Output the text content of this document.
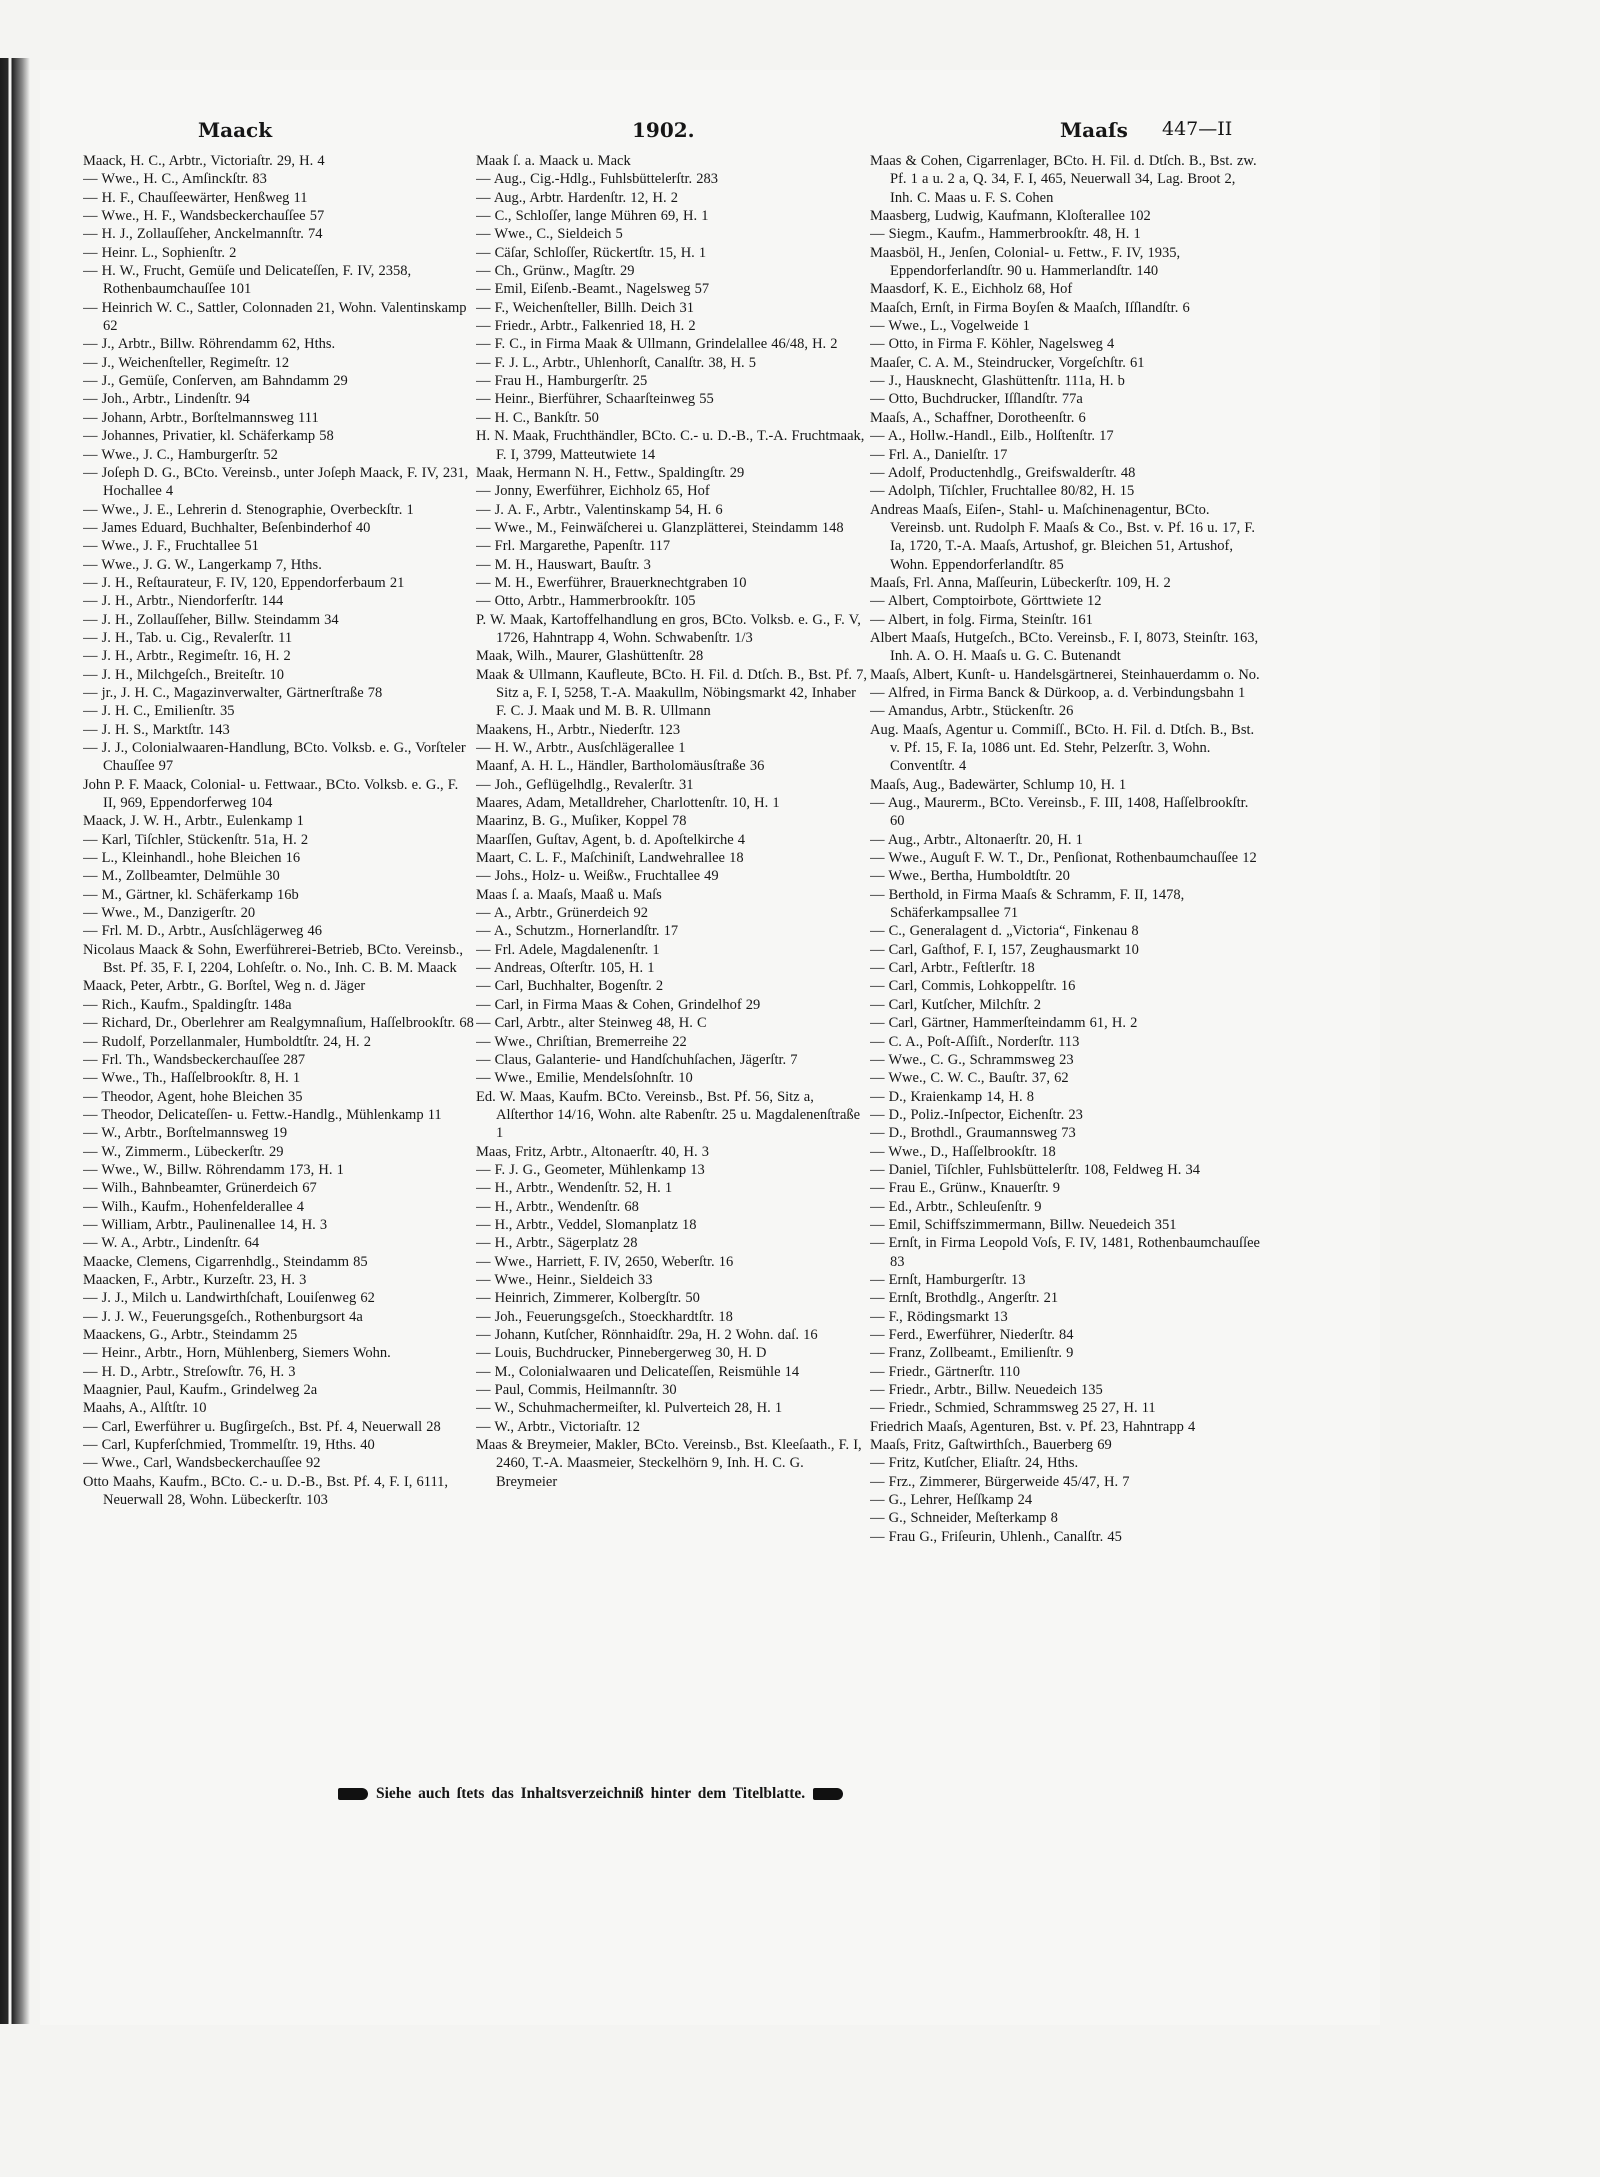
Maack	1902.	Maaſs 447—II
Maack, H. C., Arbtr., Victoriaſtr. 29, H. 4
— Wwe., H. C., Amſinckſtr. 83
— H. F., Chauſſeewärter, Henßweg 11
— Wwe., H. F., Wandsbeckerchauſſee 57
— H. J., Zollauſſeher, Anckelmannſtr. 74
— Heinr. L., Sophienſtr. 2
— H. W., Frucht, Gemüſe und Delicateſſen, F. IV, 2358, Rothenbaumchauſſee 101
— Heinrich W. C., Sattler, Colonnaden 21, Wohn. Valentinskamp 62
— J., Arbtr., Billw. Röhrendamm 62, Hths.
— J., Weichenſteller, Regimeſtr. 12
— J., Gemüſe, Conſerven, am Bahndamm 29
— Joh., Arbtr., Lindenſtr. 94
— Johann, Arbtr., Borſtelmannsweg 111
— Johannes, Privatier, kl. Schäferkamp 58
— Wwe., J. C., Hamburgerſtr. 52
— Joſeph D. G., BCto. Vereinsb., unter Joſeph Maack, F. IV, 231, Hochallee 4
— Wwe., J. E., Lehrerin d. Stenographie, Overbeckſtr. 1
— James Eduard, Buchhalter, Beſenbinderhof 40
— Wwe., J. F., Fruchtallee 51
— Wwe., J. G. W., Langerkamp 7, Hths.
— J. H., Reſtaurateur, F. IV, 120, Eppendorferbaum 21
— J. H., Arbtr., Niendorferſtr. 144
— J. H., Zollauſſeher, Billw. Steindamm 34
— J. H., Tab. u. Cig., Revalerſtr. 11
— J. H., Arbtr., Regimeſtr. 16, H. 2
— J. H., Milchgeſch., Breiteſtr. 10
— jr., J. H. C., Magazinverwalter, Gärtnerſtraße 78
— J. H. C., Emilienſtr. 35
— J. H. S., Marktſtr. 143
— J. J., Colonialwaaren-Handlung, BCto. Volksb. e. G., Vorſteler Chauſſee 97
John P. F. Maack, Colonial- u. Fettwaar., BCto. Volksb. e. G., F. II, 969, Eppendorferweg 104
Maack, J. W. H., Arbtr., Eulenkamp 1
— Karl, Tiſchler, Stückenſtr. 51a, H. 2
— L., Kleinhandl., hohe Bleichen 16
— M., Zollbeamter, Delmühle 30
— M., Gärtner, kl. Schäferkamp 16b
— Wwe., M., Danzigerſtr. 20
— Frl. M. D., Arbtr., Ausſchlägerweg 46
Nicolaus Maack & Sohn, Ewerführerei-Betrieb, BCto. Vereinsb., Bst. Pf. 35, F. I, 2204, Lohſeſtr. o. No., Inh. C. B. M. Maack
Maack, Peter, Arbtr., G. Borſtel, Weg n. d. Jäger
— Rich., Kaufm., Spaldingſtr. 148a
— Richard, Dr., Oberlehrer am Realgymnaſium, Haſſelbrookſtr. 68
— Rudolf, Porzellanmaler, Humboldtſtr. 24, H. 2
— Frl. Th., Wandsbeckerchauſſee 287
— Wwe., Th., Haſſelbrookſtr. 8, H. 1
— Theodor, Agent, hohe Bleichen 35
— Theodor, Delicateſſen- u. Fettw.-Handlg., Mühlenkamp 11
— W., Arbtr., Borſtelmannsweg 19
— W., Zimmerm., Lübeckerſtr. 29
— Wwe., W., Billw. Röhrendamm 173, H. 1
— Wilh., Bahnbeamter, Grünerdeich 67
— Wilh., Kaufm., Hohenfelderallee 4
— William, Arbtr., Paulinenallee 14, H. 3
— W. A., Arbtr., Lindenſtr. 64
Maacke, Clemens, Cigarrenhdlg., Steindamm 85
Maacken, F., Arbtr., Kurzeſtr. 23, H. 3
— J. J., Milch u. Landwirthſchaft, Louiſenweg 62
— J. J. W., Feuerungsgeſch., Rothenburgsort 4a
Maackens, G., Arbtr., Steindamm 25
— Heinr., Arbtr., Horn, Mühlenberg, Siemers Wohn.
— H. D., Arbtr., Streſowſtr. 76, H. 3
Maagnier, Paul, Kaufm., Grindelweg 2a
Maahs, A., Alſtſtr. 10
— Carl, Ewerführer u. Bugſirgeſch., Bst. Pf. 4, Neuerwall 28
— Carl, Kupferſchmied, Trommelſtr. 19, Hths. 40
— Wwe., Carl, Wandsbeckerchauſſee 92
Otto Maahs, Kaufm., BCto. C.- u. D.-B., Bst. Pf. 4, F. I, 6111, Neuerwall 28, Wohn. Lübeckerſtr. 103
Maak ſ. a. Maack u. Mack
— Aug., Cig.-Hdlg., Fuhlsbüttelerſtr. 283
— Aug., Arbtr. Hardenſtr. 12, H. 2
— C., Schloſſer, lange Mühren 69, H. 1
— Wwe., C., Sieldeich 5
— Cäſar, Schloſſer, Rückertſtr. 15, H. 1
— Ch., Grünw., Magſtr. 29
— Emil, Eiſenb.-Beamt., Nagelsweg 57
— F., Weichenſteller, Billh. Deich 31
— Friedr., Arbtr., Falkenried 18, H. 2
— F. C., in Firma Maak & Ullmann, Grindelallee 46/48, H. 2
— F. J. L., Arbtr., Uhlenhorſt, Canalſtr. 38, H. 5
— Frau H., Hamburgerſtr. 25
— Heinr., Bierführer, Schaarſteinweg 55
— H. C., Bankſtr. 50
H. N. Maak, Fruchthändler, BCto. C.- u. D.-B., T.-A. Fruchtmaak, F. I, 3799, Matteutwiete 14
Maak, Hermann N. H., Fettw., Spaldingſtr. 29
— Jonny, Ewerführer, Eichholz 65, Hof
— J. A. F., Arbtr., Valentinskamp 54, H. 6
— Wwe., M., Feinwäſcherei u. Glanzplätterei, Steindamm 148
— Frl. Margarethe, Papenſtr. 117
— M. H., Hauswart, Bauſtr. 3
— M. H., Ewerführer, Brauerknechtgraben 10
— Otto, Arbtr., Hammerbrookſtr. 105
P. W. Maak, Kartoffelhandlung en gros, BCto. Volksb. e. G., F. V, 1726, Hahntrapp 4, Wohn. Schwabenſtr. 1/3
Maak, Wilh., Maurer, Glashüttenſtr. 28
Maak & Ullmann, Kaufleute, BCto. H. Fil. d. Dtſch. B., Bst. Pf. 7, Sitz a, F. I, 5258, T.-A. Maakullm, Nöbingsmarkt 42, Inhaber F. C. J. Maak und M. B. R. Ullmann
Maakens, H., Arbtr., Niederſtr. 123
— H. W., Arbtr., Ausſchlägerallee 1
Maanf, A. H. L., Händler, Bartholomäusſtraße 36
— Joh., Geflügelhdlg., Revalerſtr. 31
Maares, Adam, Metalldreher, Charlottenſtr. 10, H. 1
Maarinz, B. G., Muſiker, Koppel 78
Maarſſen, Guſtav, Agent, b. d. Apoſtelkirche 4
Maart, C. L. F., Maſchiniſt, Landwehrallee 18
— Johs., Holz- u. Weißw., Fruchtallee 49
Maas ſ. a. Maaſs, Maaß u. Maſs
— A., Arbtr., Grünerdeich 92
— A., Schutzm., Hornerlandſtr. 17
— Frl. Adele, Magdalenenſtr. 1
— Andreas, Oſterſtr. 105, H. 1
— Carl, Buchhalter, Bogenſtr. 2
— Carl, in Firma Maas & Cohen, Grindelhof 29
— Carl, Arbtr., alter Steinweg 48, H. C
— Wwe., Chriſtian, Bremerreihe 22
— Claus, Galanterie- und Handſchuhſachen, Jägerſtr. 7
— Wwe., Emilie, Mendelsſohnſtr. 10
Ed. W. Maas, Kaufm. BCto. Vereinsb., Bst. Pf. 56, Sitz a, Alſterthor 14/16, Wohn. alte Rabenſtr. 25 u. Magdalenenſtraße 1
Maas, Fritz, Arbtr., Altonaerſtr. 40, H. 3
— F. J. G., Geometer, Mühlenkamp 13
— H., Arbtr., Wendenſtr. 52, H. 1
— H., Arbtr., Wendenſtr. 68
— H., Arbtr., Veddel, Slomanplatz 18
— H., Arbtr., Sägerplatz 28
— Wwe., Harriett, F. IV, 2650, Weberſtr. 16
— Wwe., Heinr., Sieldeich 33
— Heinrich, Zimmerer, Kolbergſtr. 50
— Joh., Feuerungsgeſch., Stoeckhardtſtr. 18
— Johann, Kutſcher, Rönnhaidſtr. 29a, H. 2 Wohn. daſ. 16
— Louis, Buchdrucker, Pinnebergerweg 30, H. D
— M., Colonialwaaren und Delicateſſen, Reismühle 14
— Paul, Commis, Heilmannſtr. 30
— W., Schuhmachermeiſter, kl. Pulverteich 28, H. 1
— W., Arbtr., Victoriaſtr. 12
Maas & Breymeier, Makler, BCto. Vereinsb., Bst. Kleeſaath., F. I, 2460, T.-A. Maasmeier, Steckelhörn 9, Inh. H. C. G. Breymeier
Maas & Cohen, Cigarrenlager, BCto. H. Fil. d. Dtſch. B., Bst. zw. Pf. 1 a u. 2 a, Q. 34, F. I, 465, Neuerwall 34, Lag. Broot 2, Inh. C. Maas u. F. S. Cohen
Maasberg, Ludwig, Kaufmann, Kloſterallee 102
— Siegm., Kaufm., Hammerbrookſtr. 48, H. 1
Maasböl, H., Jenſen, Colonial- u. Fettw., F. IV, 1935, Eppendorferlandſtr. 90 u. Hammerlandſtr. 140
Maasdorf, K. E., Eichholz 68, Hof
Maaſch, Ernſt, in Firma Boyſen & Maaſch, Iſſlandſtr. 6
— Wwe., L., Vogelweide 1
— Otto, in Firma F. Köhler, Nagelsweg 4
Maaſer, C. A. M., Steindrucker, Vorgeſchſtr. 61
— J., Hausknecht, Glashüttenſtr. 111a, H. b
— Otto, Buchdrucker, Iſſlandſtr. 77a
Maaſs, A., Schaffner, Dorotheenſtr. 6
— A., Hollw.-Handl., Eilb., Holſtenſtr. 17
— Frl. A., Danielſtr. 17
— Adolf, Productenhdlg., Greifswalderſtr. 48
— Adolph, Tiſchler, Fruchtallee 80/82, H. 15
Andreas Maaſs, Eiſen-, Stahl- u. Maſchinenagentur, BCto. Vereinsb. unt. Rudolph F. Maaſs & Co., Bst. v. Pf. 16 u. 17, F. Ia, 1720, T.-A. Maaſs, Artushof, gr. Bleichen 51, Artushof, Wohn. Eppendorferlandſtr. 85
Maaſs, Frl. Anna, Maſſeurin, Lübeckerſtr. 109, H. 2
— Albert, Comptoirbote, Görttwiete 12
— Albert, in folg. Firma, Steinſtr. 161
Albert Maaſs, Hutgeſch., BCto. Vereinsb., F. I, 8073, Steinſtr. 163, Inh. A. O. H. Maaſs u. G. C. Butenandt
Maaſs, Albert, Kunſt- u. Handelsgärtnerei, Steinhauerdamm o. No.
— Alfred, in Firma Banck & Dürkoop, a. d. Verbindungsbahn 1
— Amandus, Arbtr., Stückenſtr. 26
Aug. Maaſs, Agentur u. Commiſſ., BCto. H. Fil. d. Dtſch. B., Bst. v. Pf. 15, F. Ia, 1086 unt. Ed. Stehr, Pelzerſtr. 3, Wohn. Conventſtr. 4
Maaſs, Aug., Badewärter, Schlump 10, H. 1
— Aug., Maurerm., BCto. Vereinsb., F. III, 1408, Haſſelbrookſtr. 60
— Aug., Arbtr., Altonaerſtr. 20, H. 1
— Wwe., Auguſt F. W. T., Dr., Penſionat, Rothenbaumchauſſee 12
— Wwe., Bertha, Humboldtſtr. 20
— Berthold, in Firma Maaſs & Schramm, F. II, 1478, Schäferkampsallee 71
— C., Generalagent d. „Victoria“, Finkenau 8
— Carl, Gaſthof, F. I, 157, Zeughausmarkt 10
— Carl, Arbtr., Feſtlerſtr. 18
— Carl, Commis, Lohkoppelſtr. 16
— Carl, Kutſcher, Milchſtr. 2
— Carl, Gärtner, Hammerſteindamm 61, H. 2
— C. A., Poſt-Aſſiſt., Norderſtr. 113
— Wwe., C. G., Schrammsweg 23
— Wwe., C. W. C., Bauſtr. 37, 62
— D., Kraienkamp 14, H. 8
— D., Poliz.-Inſpector, Eichenſtr. 23
— D., Brothdl., Graumannsweg 73
— Wwe., D., Haſſelbrookſtr. 18
— Daniel, Tiſchler, Fuhlsbüttelerſtr. 108, Feldweg H. 34
— Frau E., Grünw., Knauerſtr. 9
— Ed., Arbtr., Schleuſenſtr. 9
— Emil, Schiffszimmermann, Billw. Neuedeich 351
— Ernſt, in Firma Leopold Voſs, F. IV, 1481, Rothenbaumchauſſee 83
— Ernſt, Hamburgerſtr. 13
— Ernſt, Brothdlg., Angerſtr. 21
— F., Rödingsmarkt 13
— Ferd., Ewerführer, Niederſtr. 84
— Franz, Zollbeamt., Emilienſtr. 9
— Friedr., Gärtnerſtr. 110
— Friedr., Arbtr., Billw. Neuedeich 135
— Friedr., Schmied, Schrammsweg 25 27, H. 11
Friedrich Maaſs, Agenturen, Bst. v. Pf. 23, Hahntrapp 4
Maaſs, Fritz, Gaſtwirthſch., Bauerberg 69
— Fritz, Kutſcher, Eliaſtr. 24, Hths.
— Frz., Zimmerer, Bürgerweide 45/47, H. 7
— G., Lehrer, Heſſkamp 24
— G., Schneider, Meſterkamp 8
— Frau G., Friſeurin, Uhlenh., Canalſtr. 45
Siehe auch ſtets das Inhaltsverzeichniß hinter dem Titelblatte.
